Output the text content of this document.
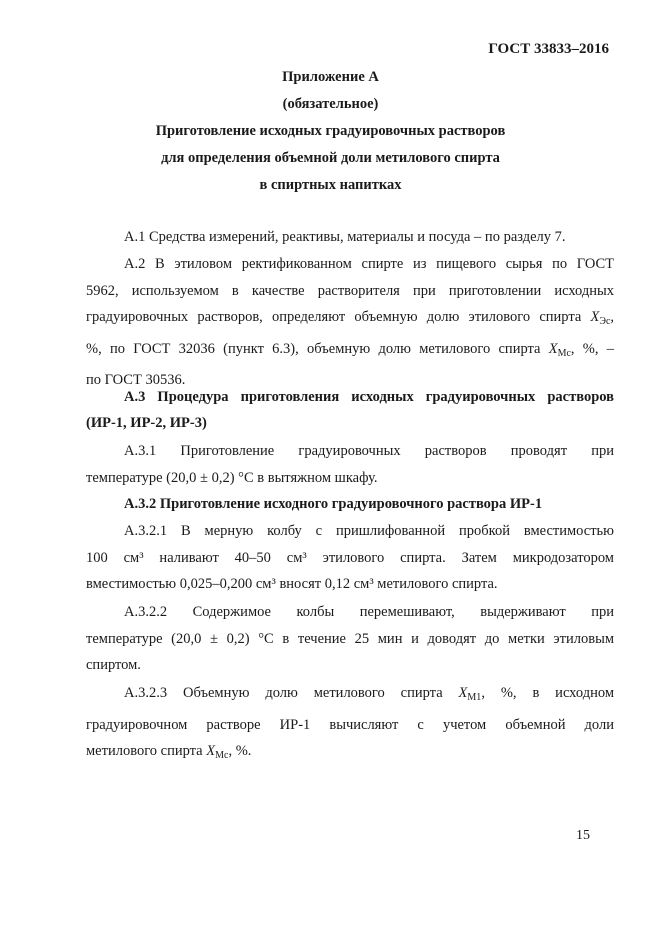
ГОСТ 33833–2016
Приложение А
(обязательное)
Приготовление исходных градуировочных растворов
для определения объемной доли метилового спирта
в спиртных напитках

А.1 Средства измерений, реактивы, материалы и посуда – по разделу 7.

А.2 В этиловом ректификованном спирте из пищевого сырья по ГОСТ
5962, используемом в качестве растворителя при приготовлении исходных
градуировочных растворов, определяют объемную долю этилового спирта $X_{Эс}$,
%, по ГОСТ 32036 (пункт 6.3), объемную долю метилового спирта $X_{Мс}$, %, –
по ГОСТ 30536.

А.3 Процедура приготовления исходных градуировочных растворов

(ИР-1, ИР-2, ИР-3)

А.3.1 Приготовление градуировочных растворов проводят при
температуре (20,0 ± 0,2) °С в вытяжном шкафу.

А.3.2 Приготовление исходного градуировочного раствора ИР-1

А.3.2.1 В мерную колбу с пришлифованной пробкой вместимостью
100 см³ наливают 40–50 см³ этилового спирта. Затем микродозатором
вместимостью 0,025–0,200 см³ вносят 0,12 см³ метилового спирта.

А.3.2.2 Содержимое колбы перемешивают, выдерживают при
температуре (20,0 ± 0,2) °С в течение 25 мин и доводят до метки этиловым
спиртом.

А.3.2.3 Объемную долю метилового спирта $X_{М1}$, %, в исходном
градуировочном растворе ИР-1 вычисляют с учетом объемной доли
метилового спирта $X_{Мс}$, %.

15
